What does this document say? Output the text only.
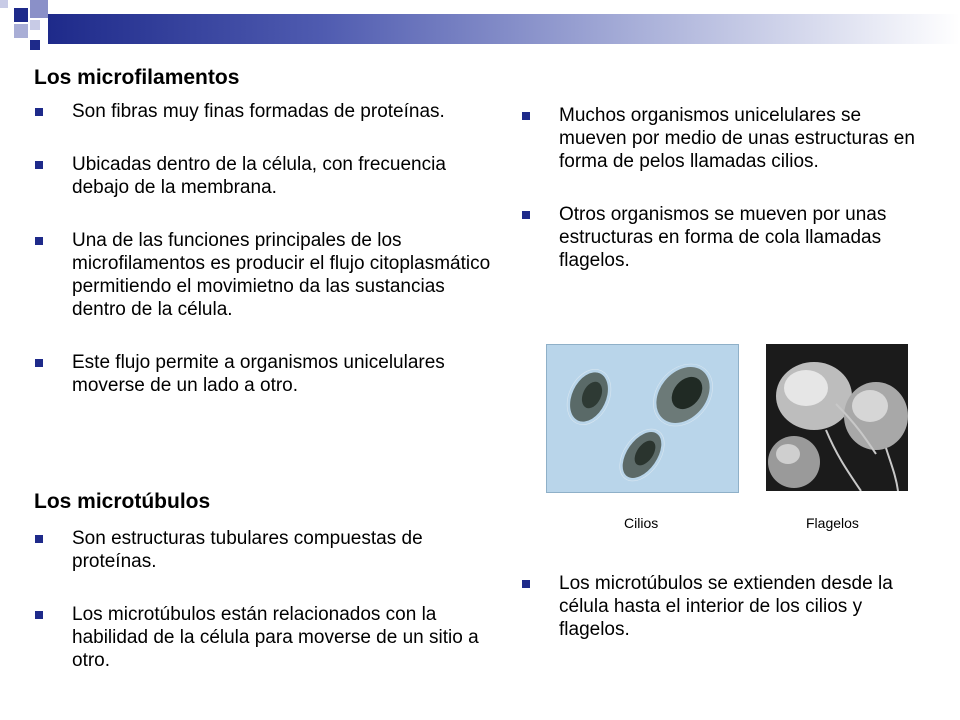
Los microfilamentos
Son fibras muy finas formadas de proteínas.
Ubicadas dentro de la célula, con frecuencia debajo de la membrana.
Una de las funciones principales de los microfilamentos es producir el flujo citoplasmático permitiendo el movimietno da las sustancias dentro de la célula.
Este flujo permite a organismos unicelulares moverse de un lado a otro.
Los microtúbulos
Son estructuras tubulares compuestas de proteínas.
Los microtúbulos están relacionados con la habilidad de la célula para moverse de un sitio a otro.
Muchos organismos unicelulares se mueven por medio de unas estructuras en forma de pelos llamadas cilios.
Otros organismos se mueven por unas estructuras en forma de cola llamadas flagelos.
Cilios	Flagelos
Los microtúbulos se extienden desde la célula hasta el interior de los cilios y flagelos.
